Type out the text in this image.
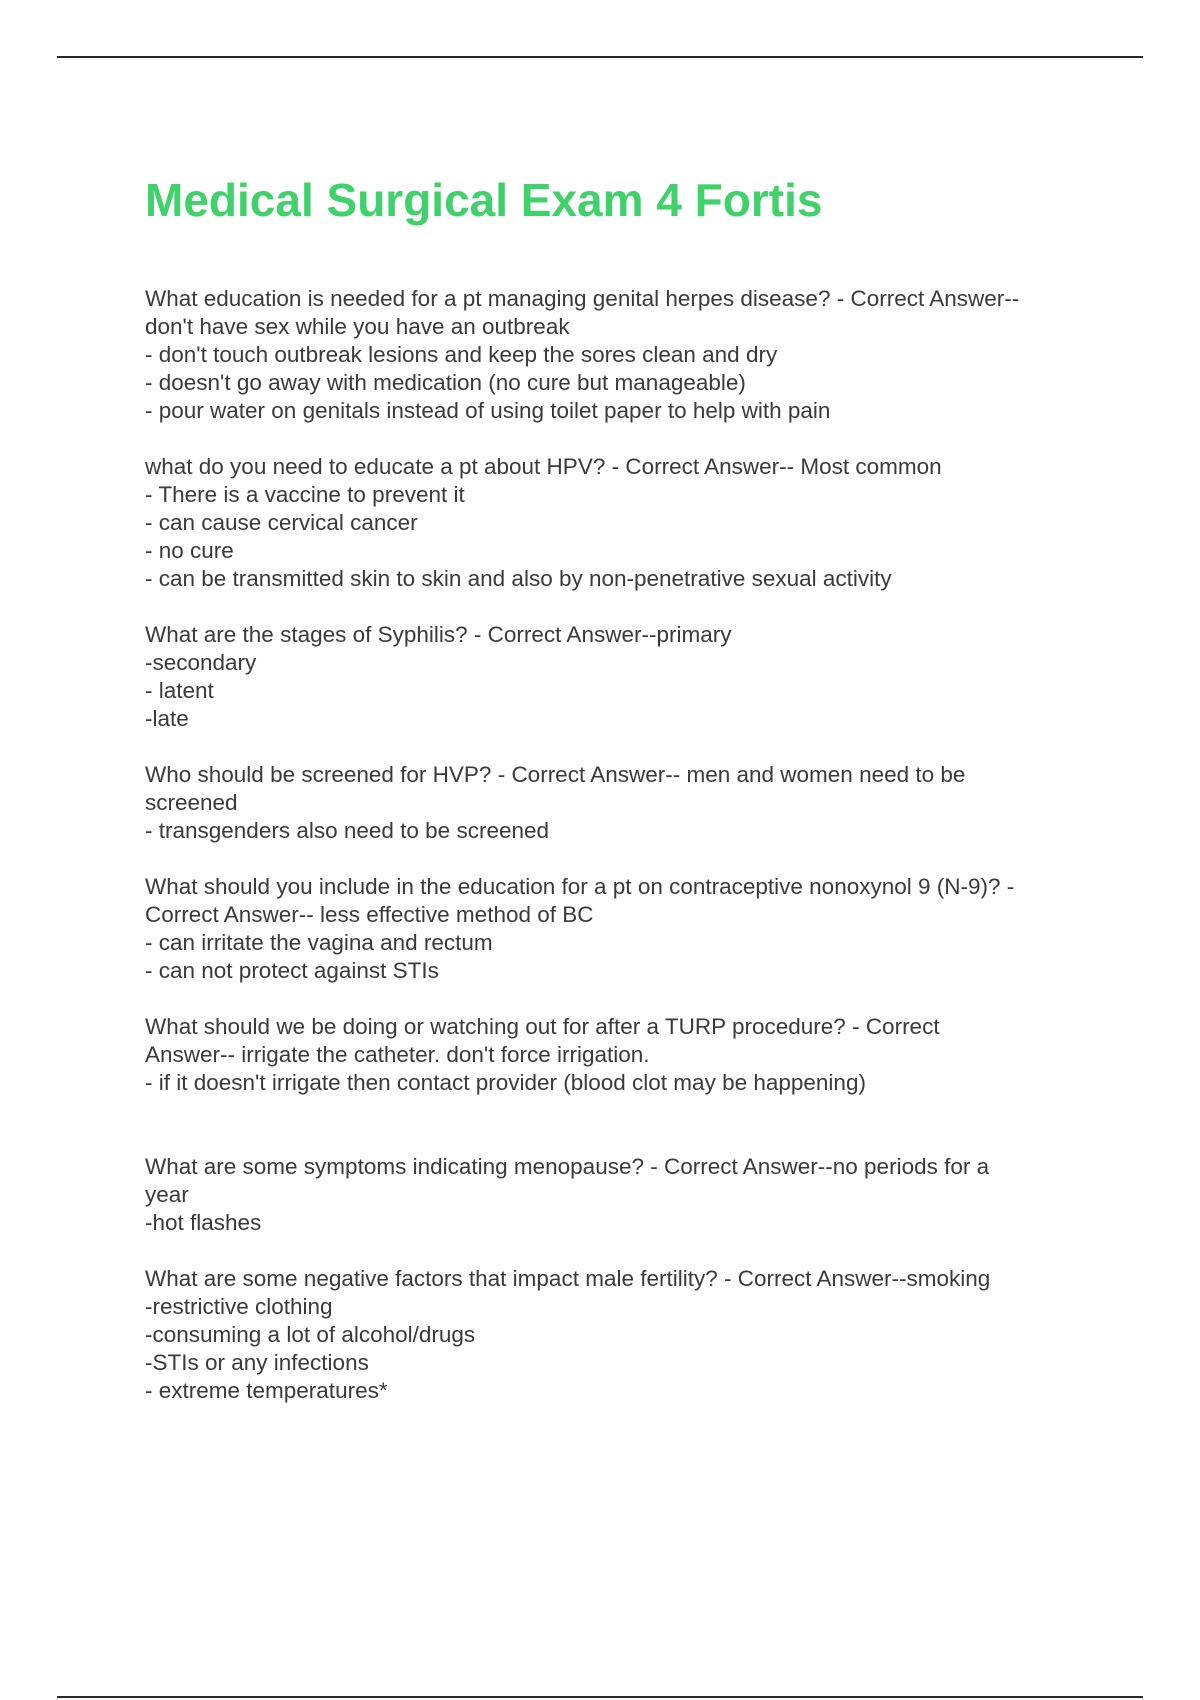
Medical Surgical Exam 4 Fortis
What education is needed for a pt managing genital herpes disease? - Correct Answer--
don't have sex while you have an outbreak
- don't touch outbreak lesions and keep the sores clean and dry
- doesn't go away with medication (no cure but manageable)
- pour water on genitals instead of using toilet paper to help with pain
what do you need to educate a pt about HPV? - Correct Answer-- Most common
- There is a vaccine to prevent it
- can cause cervical cancer
- no cure
- can be transmitted skin to skin and also by non-penetrative sexual activity
What are the stages of Syphilis? - Correct Answer--primary
-secondary
- latent
-late
Who should be screened for HVP? - Correct Answer-- men and women need to be
screened
- transgenders also need to be screened
What should you include in the education for a pt on contraceptive nonoxynol 9 (N-9)? -
Correct Answer-- less effective method of BC
- can irritate the vagina and rectum
- can not protect against STIs
What should we be doing or watching out for after a TURP procedure? - Correct
Answer-- irrigate the catheter. don't force irrigation.
- if it doesn't irrigate then contact provider (blood clot may be happening)
What are some symptoms indicating menopause? - Correct Answer--no periods for a
year
-hot flashes
What are some negative factors that impact male fertility? - Correct Answer--smoking
-restrictive clothing
-consuming a lot of alcohol/drugs
-STIs or any infections
- extreme temperatures*
